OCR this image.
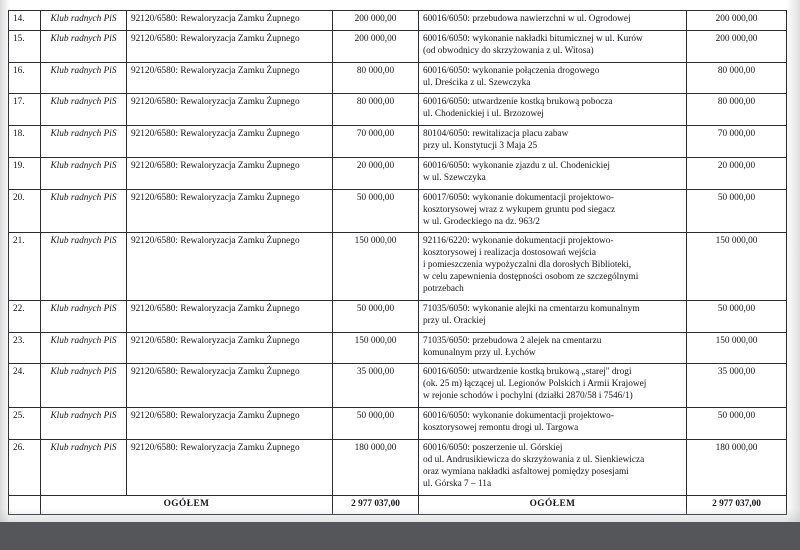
14.	Klub radnych PiS	92120/6580: Rewaloryzacja Zamku Żupnego	200 000,00	60016/6050: przebudowa nawierzchni w ul. Ogrodowej	200 000,00
15.	Klub radnych PiS	92120/6580: Rewaloryzacja Zamku Żupnego	200 000,00	60016/6050: wykonanie nakładki bitumicznej w ul. Kurów
(od obwodnicy do skrzyżowania z ul. Witosa)	200 000,00
16.	Klub radnych PiS	92120/6580: Rewaloryzacja Zamku Żupnego	80 000,00	60016/6050: wykonanie połączenia drogowego
ul. Dreścika z ul. Szewczyka	80 000,00
17.	Klub radnych PiS	92120/6580: Rewaloryzacja Zamku Żupnego	80 000,00	60016/6050: utwardzenie kostką brukową pobocza
ul. Chodenickiej i ul. Brzozowej	80 000,00
18.	Klub radnych PiS	92120/6580: Rewaloryzacja Zamku Żupnego	70 000,00	80104/6050: rewitalizacja placu zabaw
przy ul. Konstytucji 3 Maja 25	70 000,00
19.	Klub radnych PiS	92120/6580: Rewaloryzacja Zamku Żupnego	20 000,00	60016/6050: wykonanie zjazdu z ul. Chodenickiej
w ul. Szewczyka	20 000,00
20.	Klub radnych PiS	92120/6580: Rewaloryzacja Zamku Żupnego	50 000,00	60017/6050: wykonanie dokumentacji projektowo-
kosztorysowej wraz z wykupem gruntu pod siegacz
w ul. Grodeckiego na dz. 963/2	50 000,00
21.	Klub radnych PiS	92120/6580: Rewaloryzacja Zamku Żupnego	150 000,00	92116/6220: wykonanie dokumentacji projektowo-
kosztorysowej i realizacja dostosowań wejścia
i pomieszczenia wypożyczalni dla dorosłych Biblioteki,
w celu zapewnienia dostępności osobom ze szczególnymi
potrzebach	150 000,00
22.	Klub radnych PiS	92120/6580: Rewaloryzacja Zamku Żupnego	50 000,00	71035/6050: wykonanie alejki na cmentarzu komunalnym
przy ul. Orackiej	50 000,00
23.	Klub radnych PiS	92120/6580: Rewaloryzacja Zamku Żupnego	150 000,00	71035/6050: przebudowa 2 alejek na cmentarzu
komunalnym przy ul. Łychów	150 000,00
24.	Klub radnych PiS	92120/6580: Rewaloryzacja Zamku Żupnego	35 000,00	60016/6050: utwardzenie kostką brukową „starej" drogi
(ok. 25 m) łączącej ul. Legionów Polskich i Armii Krajowej
w rejonie schodów i pochylni (działki 2870/58 i 7546/1)	35 000,00
25.	Klub radnych PiS	92120/6580: Rewaloryzacja Zamku Żupnego	50 000,00	60016/6050: wykonanie dokumentacji projektowo-
kosztorysowej remontu drogi ul. Targowa	50 000,00
26.	Klub radnych PiS	92120/6580: Rewaloryzacja Zamku Żupnego	180 000,00	60016/6050: poszerzenie ul. Górskiej
od ul. Andrusikiewicza do skrzyżowania z ul. Sienkiewicza
oraz wymiana nakładki asfaltowej pomiędzy posesjami
ul. Górska 7 – 11a	180 000,00
	OGÓŁEM		2 977 037,00	OGÓŁEM	2 977 037,00
